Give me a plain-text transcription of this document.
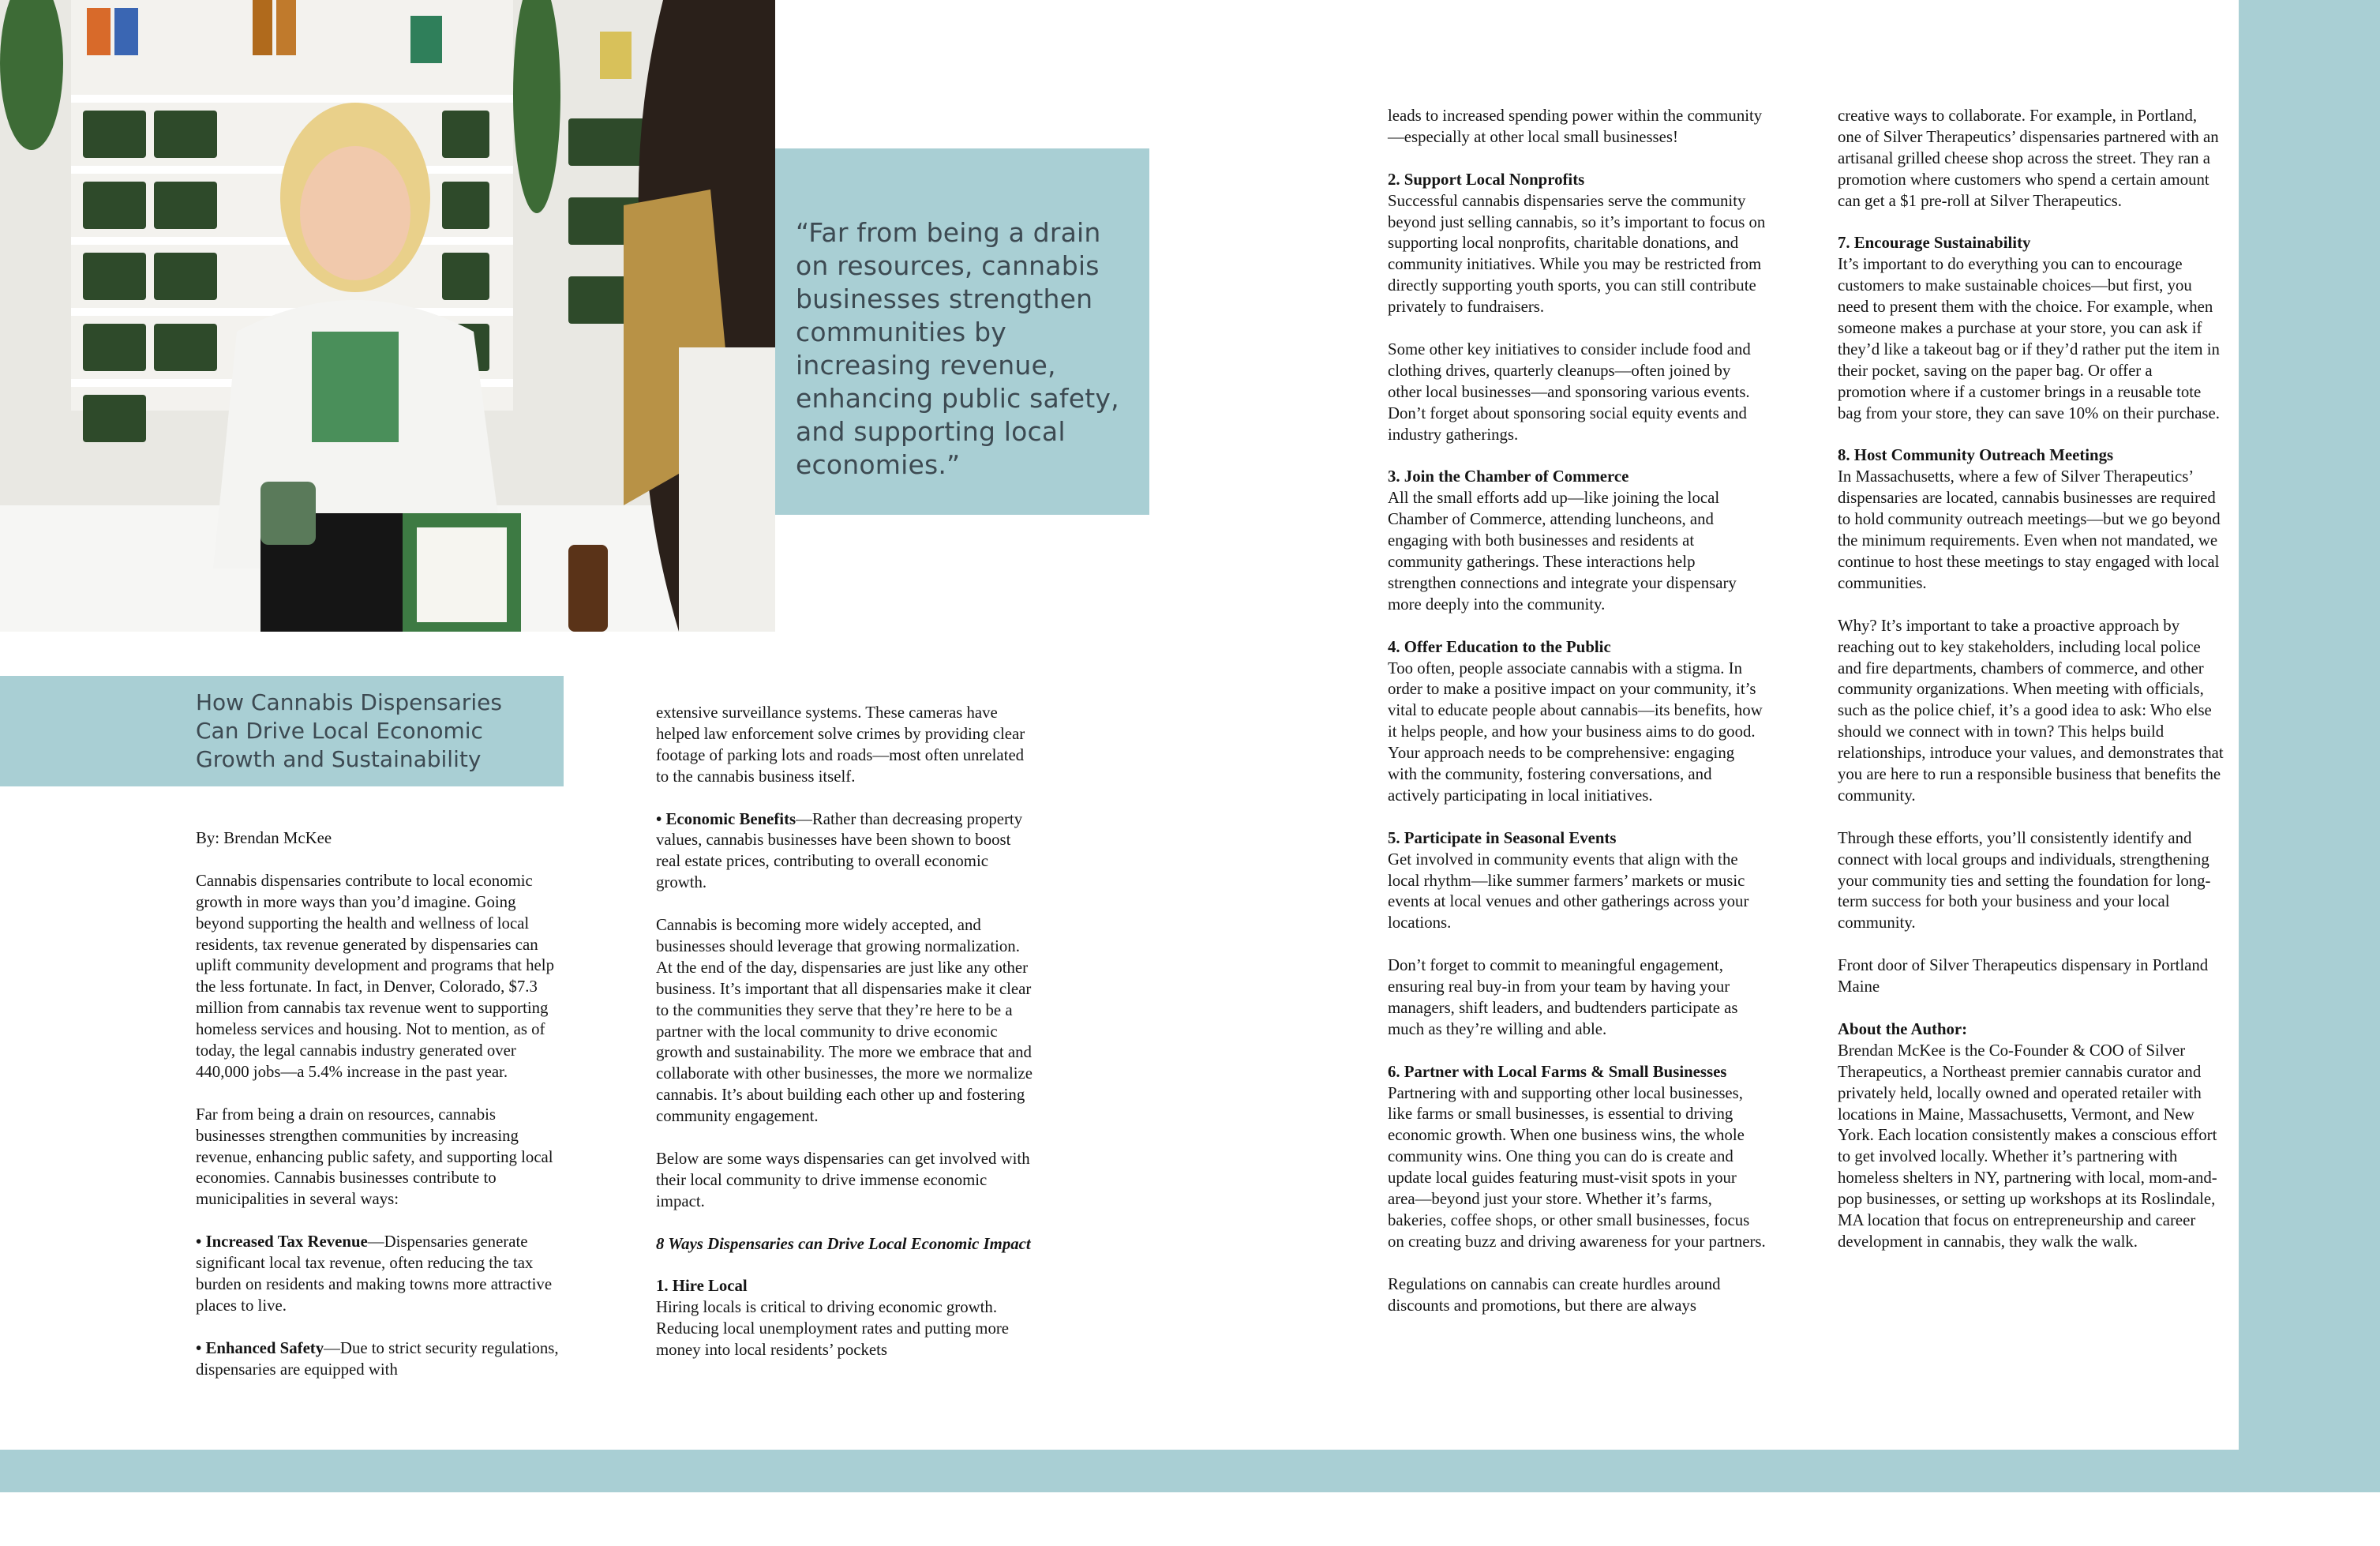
“Far from being a drain on resources, cannabis businesses strengthen communities by increasing revenue, enhancing public safety, and supporting local economies.”
How Cannabis Dispensaries Can Drive Local Economic Growth and Sustainability

By: Brendan McKee

Cannabis dispensaries contribute to local economic growth in more ways than you’d imagine. Going beyond supporting the health and wellness of local residents, tax revenue generated by dispensaries can uplift community development and programs that help the less fortunate. In fact, in Denver, Colorado, $7.3 million from cannabis tax revenue went to supporting homeless services and housing. Not to mention, as of today, the legal cannabis industry generated over 440,000 jobs—a 5.4% increase in the past year.

Far from being a drain on resources, cannabis businesses strengthen communities by increasing revenue, enhancing public safety, and supporting local economies. Cannabis businesses contribute to municipalities in several ways:

• Increased Tax Revenue—Dispensaries generate significant local tax revenue, often reducing the tax burden on residents and making towns more attractive places to live.

• Enhanced Safety—Due to strict security regulations, dispensaries are equipped with

extensive surveillance systems. These cameras have helped law enforcement solve crimes by providing clear footage of parking lots and roads—most often unrelated to the cannabis business itself.

• Economic Benefits—Rather than decreasing property values, cannabis businesses have been shown to boost real estate prices, contributing to overall economic growth.

Cannabis is becoming more widely accepted, and businesses should leverage that growing normalization. At the end of the day, dispensaries are just like any other business. It’s important that all dispensaries make it clear to the communities they serve that they’re here to be a partner with the local community to drive economic growth and sustainability. The more we embrace that and collaborate with other businesses, the more we normalize cannabis. It’s about building each other up and fostering community engagement.

Below are some ways dispensaries can get involved with their local community to drive immense economic impact.

8 Ways Dispensaries can Drive Local Economic Impact

1. Hire Local
Hiring locals is critical to driving economic growth. Reducing local unemployment rates and putting more money into local residents’ pockets

leads to increased spending power within the community—especially at other local small businesses!

2. Support Local Nonprofits
Successful cannabis dispensaries serve the community beyond just selling cannabis, so it’s important to focus on supporting local nonprofits, charitable donations, and community initiatives. While you may be restricted from directly supporting youth sports, you can still contribute privately to fundraisers.

Some other key initiatives to consider include food and clothing drives, quarterly cleanups—often joined by other local businesses—and sponsoring various events. Don’t forget about sponsoring social equity events and industry gatherings.

3. Join the Chamber of Commerce
All the small efforts add up—like joining the local Chamber of Commerce, attending luncheons, and engaging with both businesses and residents at community gatherings. These interactions help strengthen connections and integrate your dispensary more deeply into the community.

4. Offer Education to the Public
Too often, people associate cannabis with a stigma. In order to make a positive impact on your community, it’s vital to educate people about cannabis—its benefits, how it helps people, and how your business aims to do good. Your approach needs to be comprehensive: engaging with the community, fostering conversations, and actively participating in local initiatives.

5. Participate in Seasonal Events
Get involved in community events that align with the local rhythm—like summer farmers’ markets or music events at local venues and other gatherings across your locations.

Don’t forget to commit to meaningful engagement, ensuring real buy-in from your team by having your managers, shift leaders, and budtenders participate as much as they’re willing and able.

6. Partner with Local Farms & Small Businesses
Partnering with and supporting other local businesses, like farms or small businesses, is essential to driving economic growth. When one business wins, the whole community wins. One thing you can do is create and update local guides featuring must-visit spots in your area—beyond just your store. Whether it’s farms, bakeries, coffee shops, or other small businesses, focus on creating buzz and driving awareness for your partners.

Regulations on cannabis can create hurdles around discounts and promotions, but there are always

creative ways to collaborate. For example, in Portland, one of Silver Therapeutics’ dispensaries partnered with an artisanal grilled cheese shop across the street. They ran a promotion where customers who spend a certain amount can get a $1 pre-roll at Silver Therapeutics.

7. Encourage Sustainability
It’s important to do everything you can to encourage customers to make sustainable choices—but first, you need to present them with the choice. For example, when someone makes a purchase at your store, you can ask if they’d like a takeout bag or if they’d rather put the item in their pocket, saving on the paper bag. Or offer a promotion where if a customer brings in a reusable tote bag from your store, they can save 10% on their purchase.

8. Host Community Outreach Meetings
In Massachusetts, where a few of Silver Therapeutics’ dispensaries are located, cannabis businesses are required to hold community outreach meetings—but we go beyond the minimum requirements. Even when not mandated, we continue to host these meetings to stay engaged with local communities.

Why? It’s important to take a proactive approach by reaching out to key stakeholders, including local police and fire departments, chambers of commerce, and other community organizations. When meeting with officials, such as the police chief, it’s a good idea to ask: Who else should we connect with in town? This helps build relationships, introduce your values, and demonstrates that you are here to run a responsible business that benefits the community.

Through these efforts, you’ll consistently identify and connect with local groups and individuals, strengthening your community ties and setting the foundation for long-term success for both your business and your local community.

Front door of Silver Therapeutics dispensary in Portland Maine

About the Author:
Brendan McKee is the Co-Founder & COO of Silver Therapeutics, a Northeast premier cannabis curator and privately held, locally owned and operated retailer with locations in Maine, Massachusetts, Vermont, and New York. Each location consistently makes a conscious effort to get involved locally. Whether it’s partnering with homeless shelters in NY, partnering with local, mom-and-pop businesses, or setting up workshops at its Roslindale, MA location that focus on entrepreneurship and career development in cannabis, they walk the walk.
